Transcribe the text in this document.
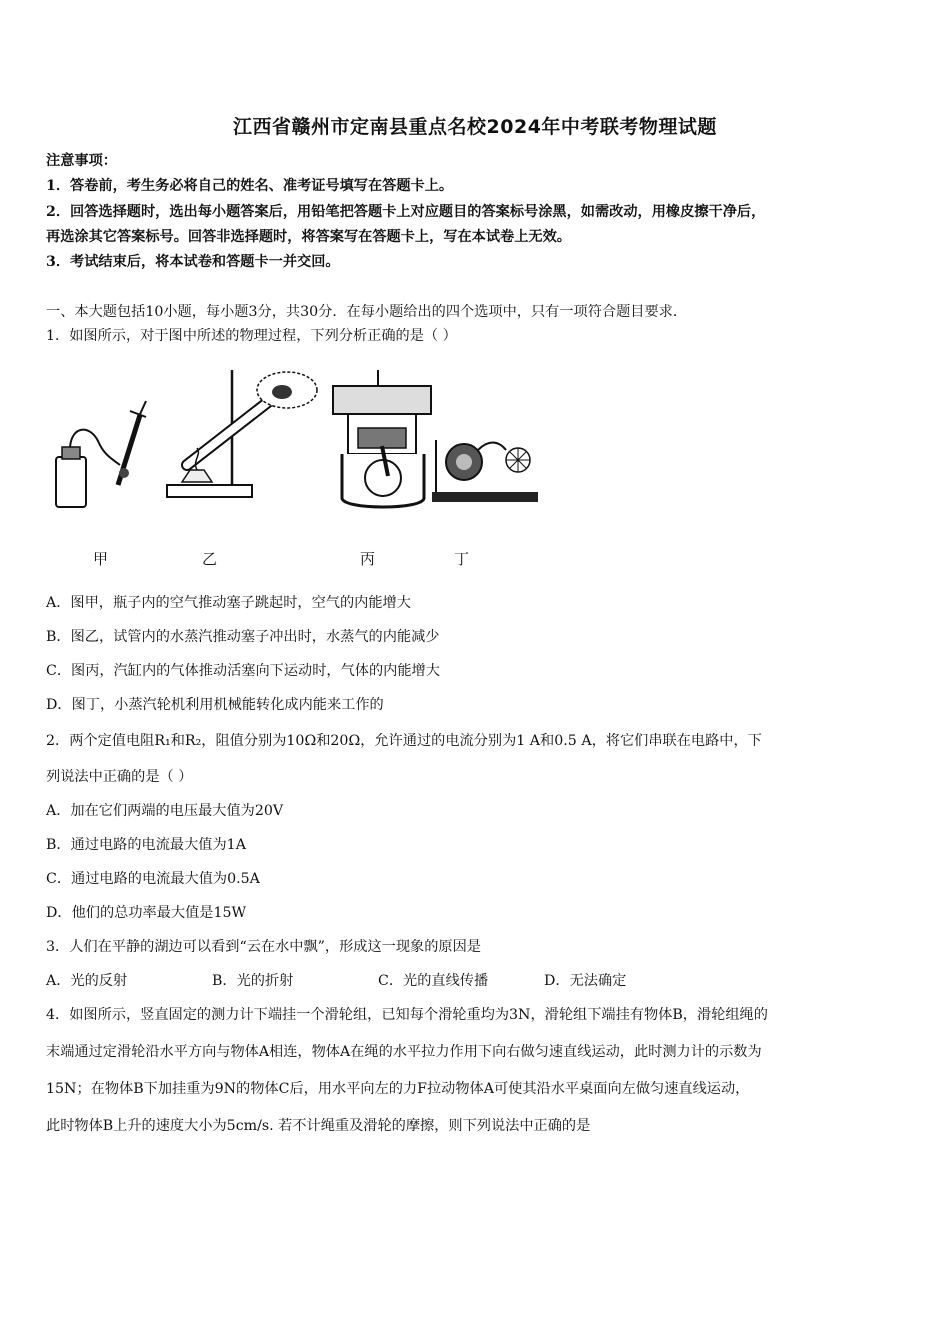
江西省赣州市定南县重点名校2024年中考联考物理试题
注意事项：
1．答卷前，考生务必将自己的姓名、准考证号填写在答题卡上。
2．回答选择题时，选出每小题答案后，用铅笔把答题卡上对应题目的答案标号涂黑，如需改动，用橡皮擦干净后，
再选涂其它答案标号。回答非选择题时，将答案写在答题卡上，写在本试卷上无效。
3．考试结束后，将本试卷和答题卡一并交回。
一、本大题包括10小题，每小题3分，共30分．在每小题给出的四个选项中，只有一项符合题目要求．
1．如图所示，对于图中所述的物理过程，下列分析正确的是（ ）
甲	乙	丙	丁
A．图甲，瓶子内的空气推动塞子跳起时，空气的内能增大
B．图乙，试管内的水蒸汽推动塞子冲出时，水蒸气的内能减少
C．图丙，汽缸内的气体推动活塞向下运动时，气体的内能增大
D．图丁，小蒸汽轮机利用机械能转化成内能来工作的
2．两个定值电阻R₁和R₂，阻值分别为10Ω和20Ω，允许通过的电流分别为1 A和0.5 A，将它们串联在电路中，下
列说法中正确的是（ ）
A．加在它们两端的电压最大值为20V
B．通过电路的电流最大值为1A
C．通过电路的电流最大值为0.5A
D．他们的总功率最大值是15W
3．人们在平静的湖边可以看到“云在水中飘”，形成这一现象的原因是
A．光的反射	B．光的折射	C．光的直线传播	D．无法确定
4．如图所示，竖直固定的测力计下端挂一个滑轮组，已知每个滑轮重均为3N，滑轮组下端挂有物体B，滑轮组绳的
末端通过定滑轮沿水平方向与物体A相连，物体A在绳的水平拉力作用下向右做匀速直线运动，此时测力计的示数为
15N；在物体B下加挂重为9N的物体C后，用水平向左的力F拉动物体A可使其沿水平桌面向左做匀速直线运动，
此时物体B上升的速度大小为5cm/s. 若不计绳重及滑轮的摩擦，则下列说法中正确的是
